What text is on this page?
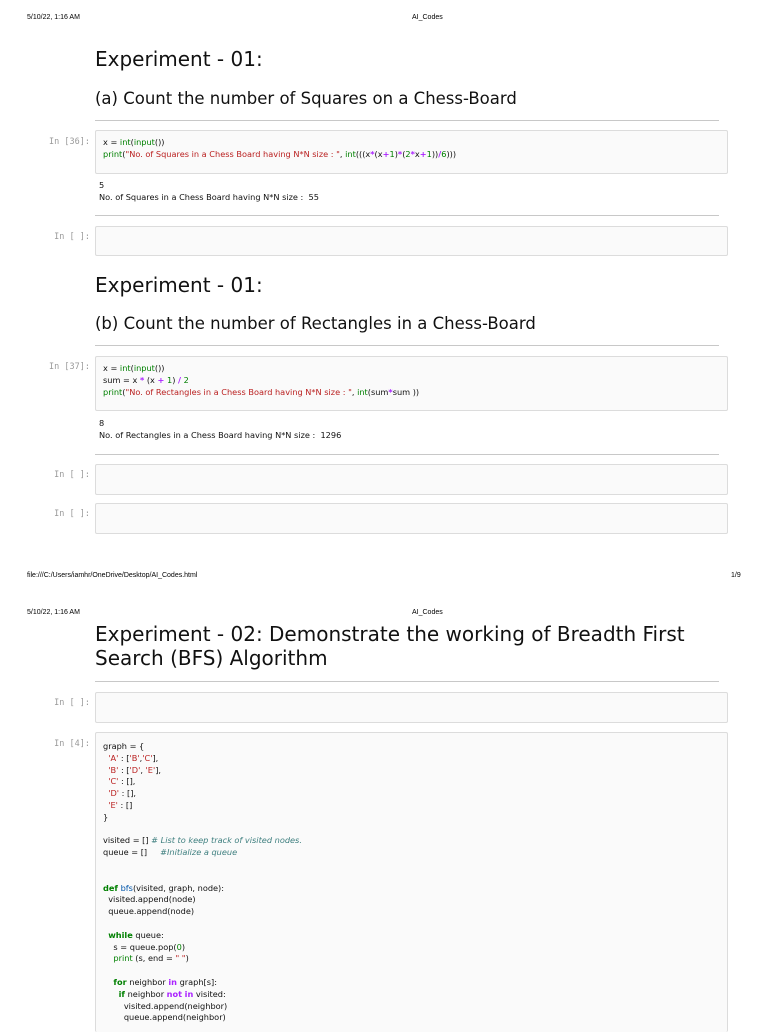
5/10/22, 1:16 AM	AI_Codes
Experiment - 01:
(a) Count the number of Squares on a Chess-Board
In [36]:	x = int(input())
print("No. of Squares in a Chess Board having N*N size : ", int(((x*(x+1)*(2*x+1))/6)))
5
No. of Squares in a Chess Board having N*N size :  55
In [ ]:
Experiment - 01:
(b) Count the number of Rectangles in a Chess-Board
In [37]:	x = int(input())
sum = x * (x + 1) / 2
print("No. of Rectangles in a Chess Board having N*N size : ", int(sum*sum ))
8
No. of Rectangles in a Chess Board having N*N size :  1296
In [ ]:
In [ ]:
file:///C:/Users/iamhr/OneDrive/Desktop/AI_Codes.html	1/9
5/10/22, 1:16 AM	AI_Codes
Experiment - 02: Demonstrate the working of Breadth First Search (BFS) Algorithm
In [ ]:
In [4]:	graph = {
'A' : ['B','C'],
'B' : ['D', 'E'],
'C' : [],
'D' : [],
'E' : []
}

visited = [] # List to keep track of visited nodes.
queue = []     #Initialize a queue

def bfs(visited, graph, node):
visited.append(node)
queue.append(node)

while queue:
s = queue.pop(0)
print (s, end = " ")

for neighbor in graph[s]:
if neighbor not in visited:
visited.append(neighbor)
queue.append(neighbor)
